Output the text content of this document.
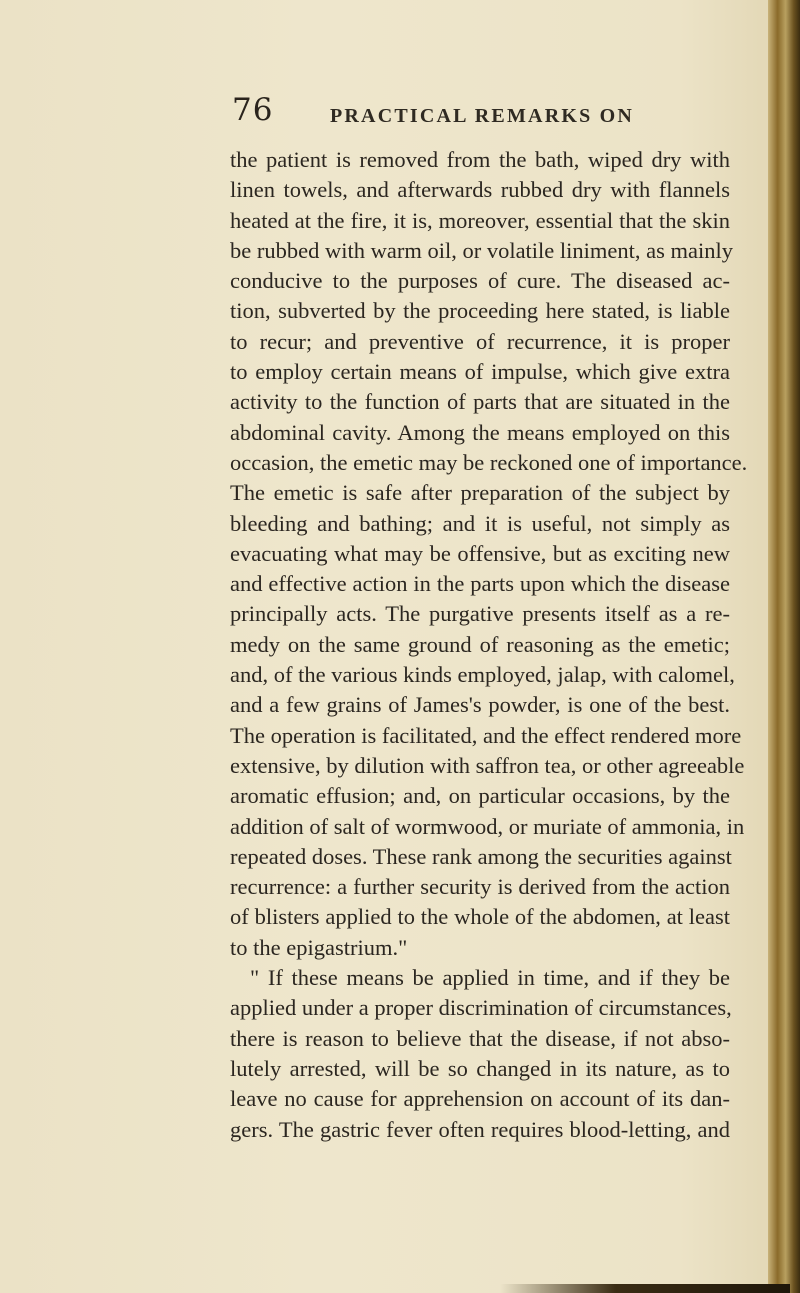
76	PRACTICAL REMARKS ON
the patient is removed from the bath, wiped dry with
linen towels, and afterwards rubbed dry with flannels
heated at the fire, it is, moreover, essential that the skin
be rubbed with warm oil, or volatile liniment, as mainly
conducive to the purposes of cure. The diseased ac-
tion, subverted by the proceeding here stated, is liable
to recur; and preventive of recurrence, it is proper
to employ certain means of impulse, which give extra
activity to the function of parts that are situated in the
abdominal cavity. Among the means employed on this
occasion, the emetic may be reckoned one of importance.
The emetic is safe after preparation of the subject by
bleeding and bathing; and it is useful, not simply as
evacuating what may be offensive, but as exciting new
and effective action in the parts upon which the disease
principally acts. The purgative presents itself as a re-
medy on the same ground of reasoning as the emetic;
and, of the various kinds employed, jalap, with calomel,
and a few grains of James's powder, is one of the best.
The operation is facilitated, and the effect rendered more
extensive, by dilution with saffron tea, or other agreeable
aromatic effusion; and, on particular occasions, by the
addition of salt of wormwood, or muriate of ammonia, in
repeated doses. These rank among the securities against
recurrence: a further security is derived from the action
of blisters applied to the whole of the abdomen, at least
to the epigastrium."
" If these means be applied in time, and if they be
applied under a proper discrimination of circumstances,
there is reason to believe that the disease, if not abso-
lutely arrested, will be so changed in its nature, as to
leave no cause for apprehension on account of its dan-
gers. The gastric fever often requires blood-letting, and
